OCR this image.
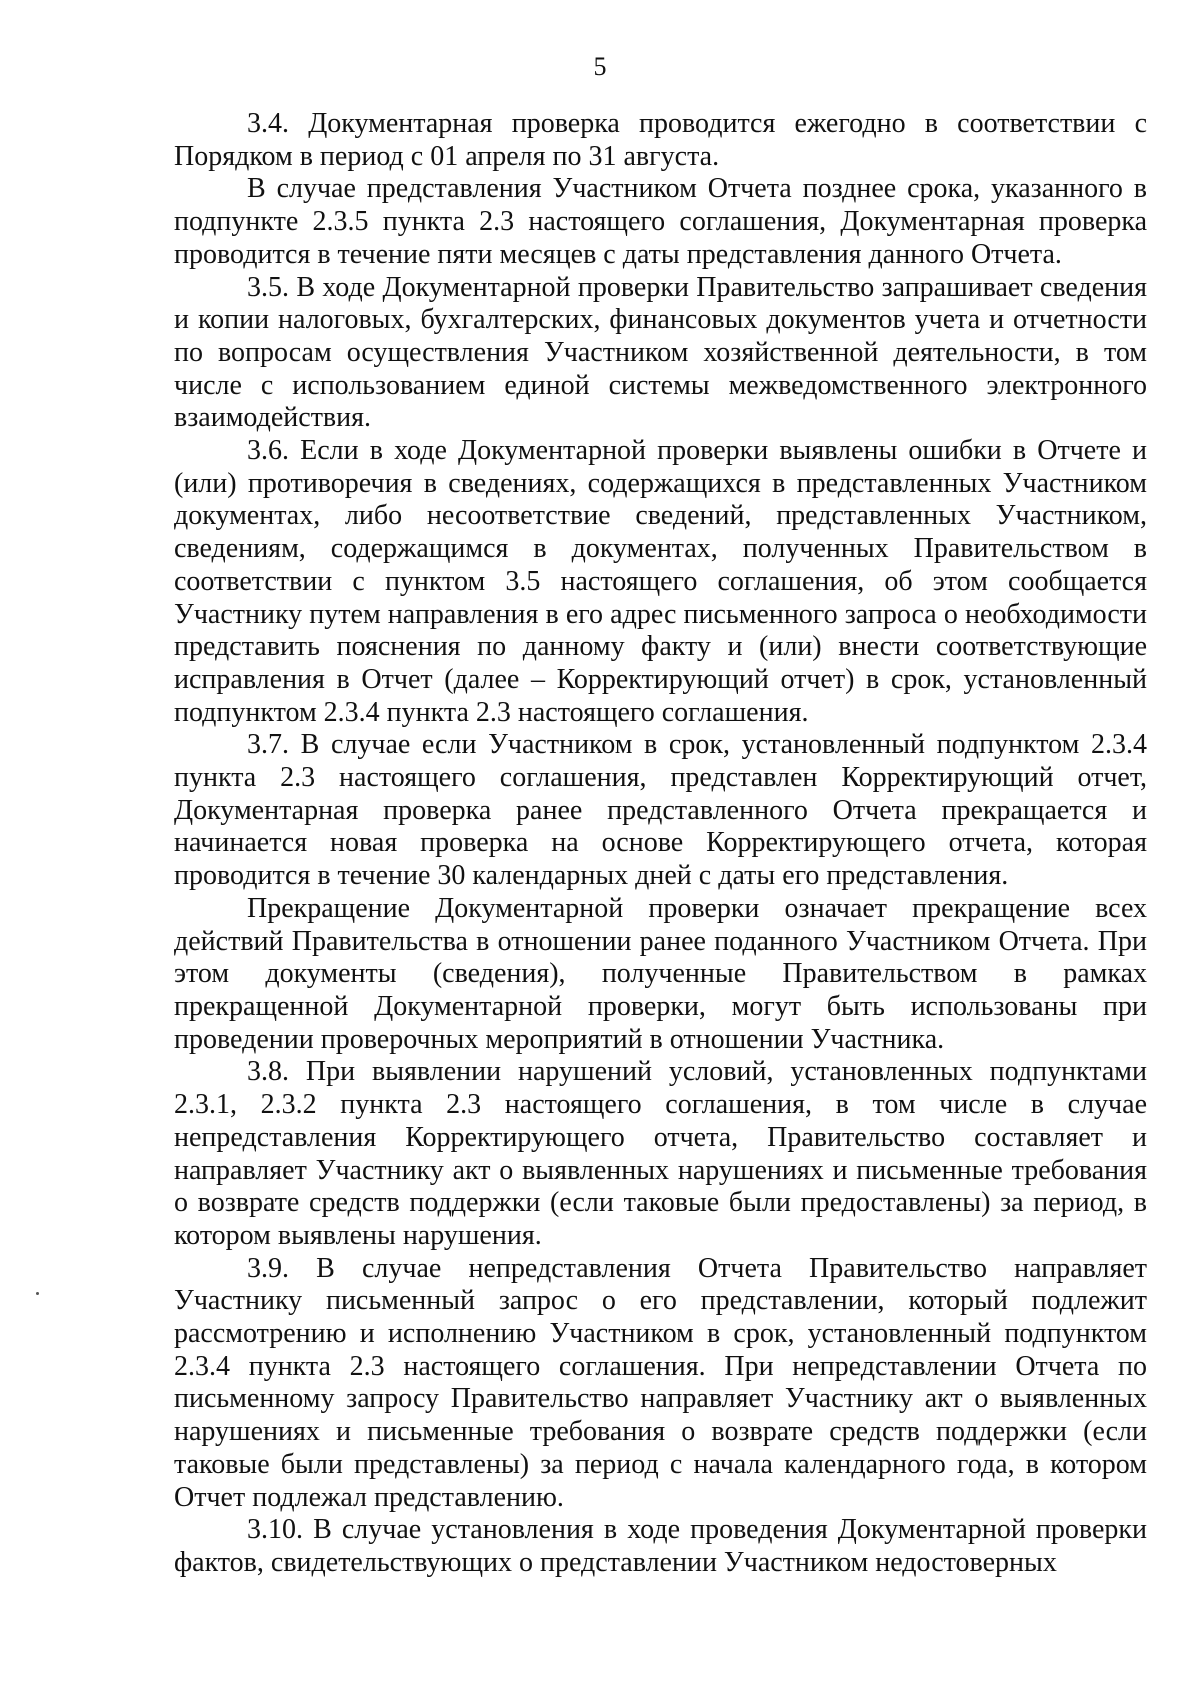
5

3.4. Документарная проверка проводится ежегодно в соответствии с Порядком в период с 01 апреля по 31 августа.

В случае представления Участником Отчета позднее срока, указанного в подпункте 2.3.5 пункта 2.3 настоящего соглашения, Документарная проверка проводится в течение пяти месяцев с даты представления данного Отчета.

3.5. В ходе Документарной проверки Правительство запрашивает сведения и копии налоговых, бухгалтерских, финансовых документов учета и отчетности по вопросам осуществления Участником хозяйственной деятельности, в том числе с использованием единой системы межведомственного электронного взаимодействия.

3.6. Если в ходе Документарной проверки выявлены ошибки в Отчете и (или) противоречия в сведениях, содержащихся в представленных Участником документах, либо несоответствие сведений, представленных Участником, сведениям, содержащимся в документах, полученных Правительством в соответствии с пунктом 3.5 настоящего соглашения, об этом сообщается Участнику путем направления в его адрес письменного запроса о необходимости представить пояснения по данному факту и (или) внести соответствующие исправления в Отчет (далее – Корректирующий отчет) в срок, установленный подпунктом 2.3.4 пункта 2.3 настоящего соглашения.

3.7. В случае если Участником в срок, установленный подпунктом 2.3.4 пункта 2.3 настоящего соглашения, представлен Корректирующий отчет, Документарная проверка ранее представленного Отчета прекращается и начинается новая проверка на основе Корректирующего отчета, которая проводится в течение 30 календарных дней с даты его представления.

Прекращение Документарной проверки означает прекращение всех действий Правительства в отношении ранее поданного Участником Отчета. При этом документы (сведения), полученные Правительством в рамках прекращенной Документарной проверки, могут быть использованы при проведении проверочных мероприятий в отношении Участника.

3.8. При выявлении нарушений условий, установленных подпунктами 2.3.1, 2.3.2 пункта 2.3 настоящего соглашения, в том числе в случае непредставления Корректирующего отчета, Правительство составляет и направляет Участнику акт о выявленных нарушениях и письменные требования о возврате средств поддержки (если таковые были предоставлены) за период, в котором выявлены нарушения.

3.9. В случае непредставления Отчета Правительство направляет Участнику письменный запрос о его представлении, который подлежит рассмотрению и исполнению Участником в срок, установленный подпунктом 2.3.4 пункта 2.3 настоящего соглашения. При непредставлении Отчета по письменному запросу Правительство направляет Участнику акт о выявленных нарушениях и письменные требования о возврате средств поддержки (если таковые были представлены) за период с начала календарного года, в котором Отчет подлежал представлению.

3.10. В случае установления в ходе проведения Документарной проверки фактов, свидетельствующих о представлении Участником недостоверных
